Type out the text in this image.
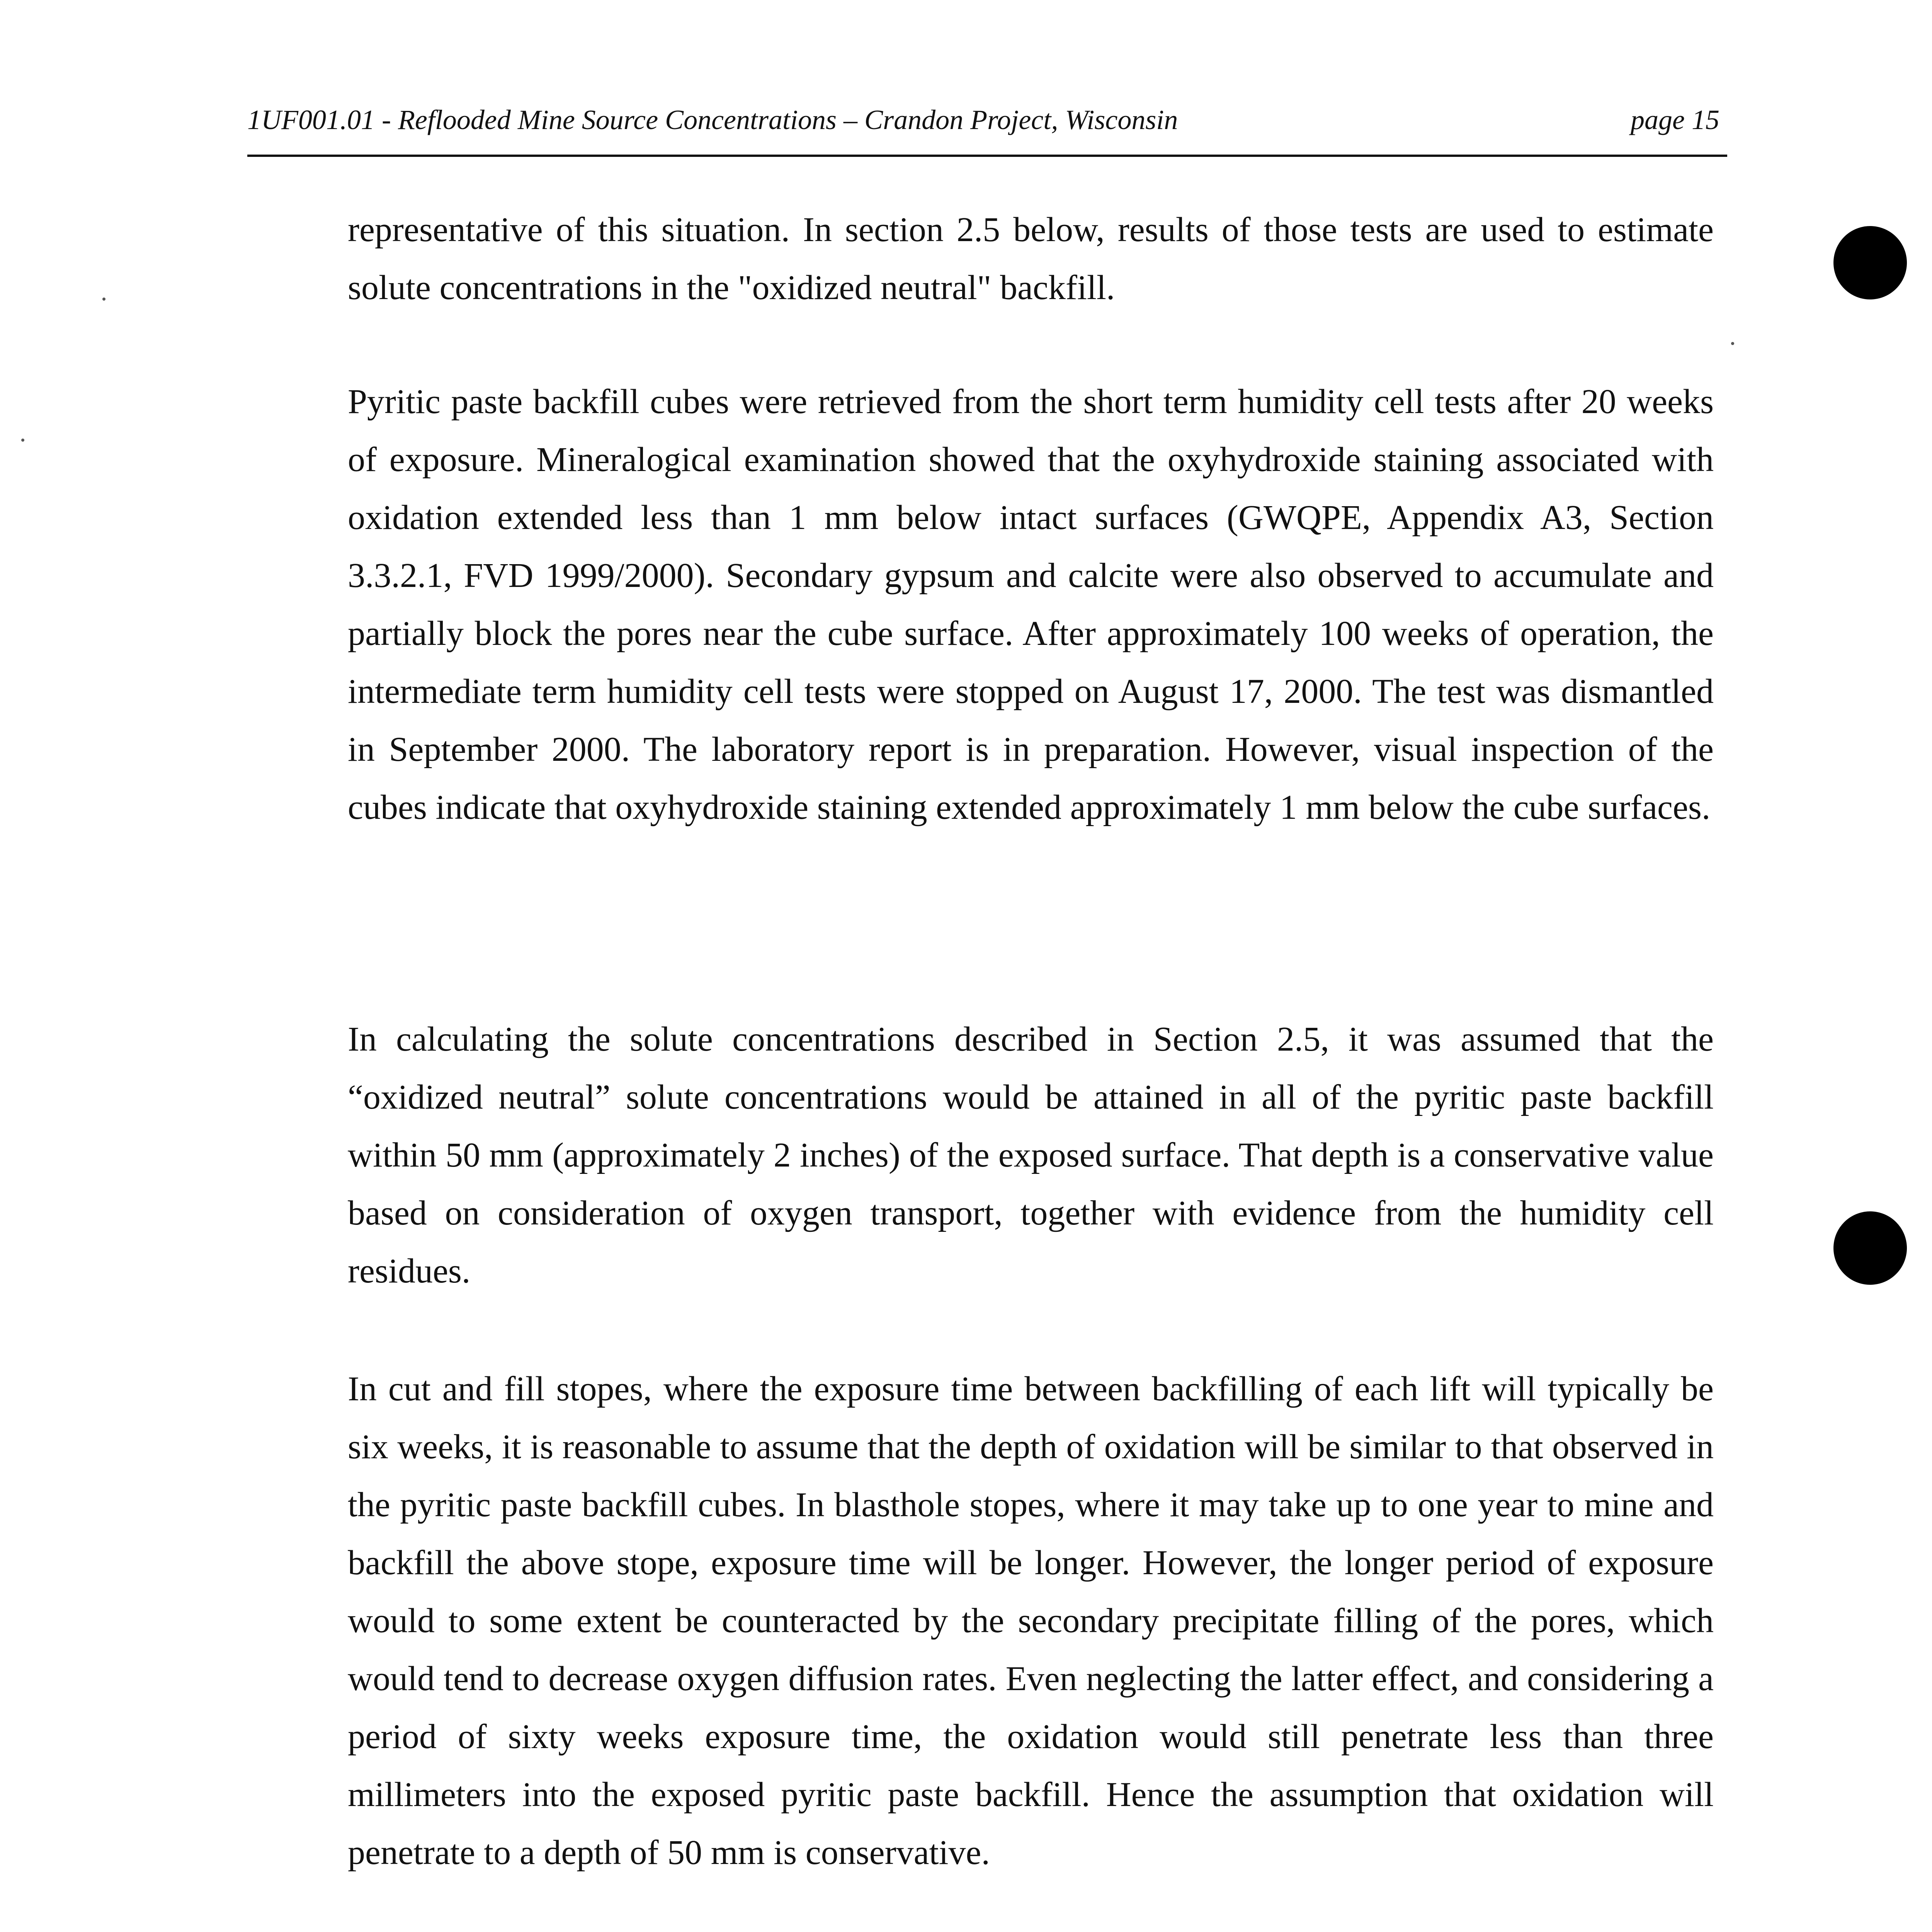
1UF001.01 - Reflooded Mine Source Concentrations – Crandon Project, Wisconsin	page 15

representative of this situation. In section 2.5 below, results of those tests are used to estimate solute concentrations in the "oxidized neutral" backfill.

Pyritic paste backfill cubes were retrieved from the short term humidity cell tests after 20 weeks of exposure. Mineralogical examination showed that the oxyhydroxide staining associated with oxidation extended less than 1 mm below intact surfaces (GWQPE, Appendix A3, Section 3.3.2.1, FVD 1999/2000). Secondary gypsum and calcite were also observed to accumulate and partially block the pores near the cube surface. After approximately 100 weeks of operation, the intermediate term humidity cell tests were stopped on August 17, 2000. The test was dismantled in September 2000. The laboratory report is in preparation. However, visual inspection of the cubes indicate that oxyhydroxide staining extended approximately 1 mm below the cube surfaces.

In calculating the solute concentrations described in Section 2.5, it was assumed that the “oxidized neutral” solute concentrations would be attained in all of the pyritic paste backfill within 50 mm (approximately 2 inches) of the exposed surface. That depth is a conservative value based on consideration of oxygen transport, together with evidence from the humidity cell residues.

In cut and fill stopes, where the exposure time between backfilling of each lift will typically be six weeks, it is reasonable to assume that the depth of oxidation will be similar to that observed in the pyritic paste backfill cubes. In blasthole stopes, where it may take up to one year to mine and backfill the above stope, exposure time will be longer. However, the longer period of exposure would to some extent be counteracted by the secondary precipitate filling of the pores, which would tend to decrease oxygen diffusion rates. Even neglecting the latter effect, and considering a period of sixty weeks exposure time, the oxidation would still penetrate less than three millimeters into the exposed pyritic paste backfill. Hence the assumption that oxidation will penetrate to a depth of 50 mm is conservative.
